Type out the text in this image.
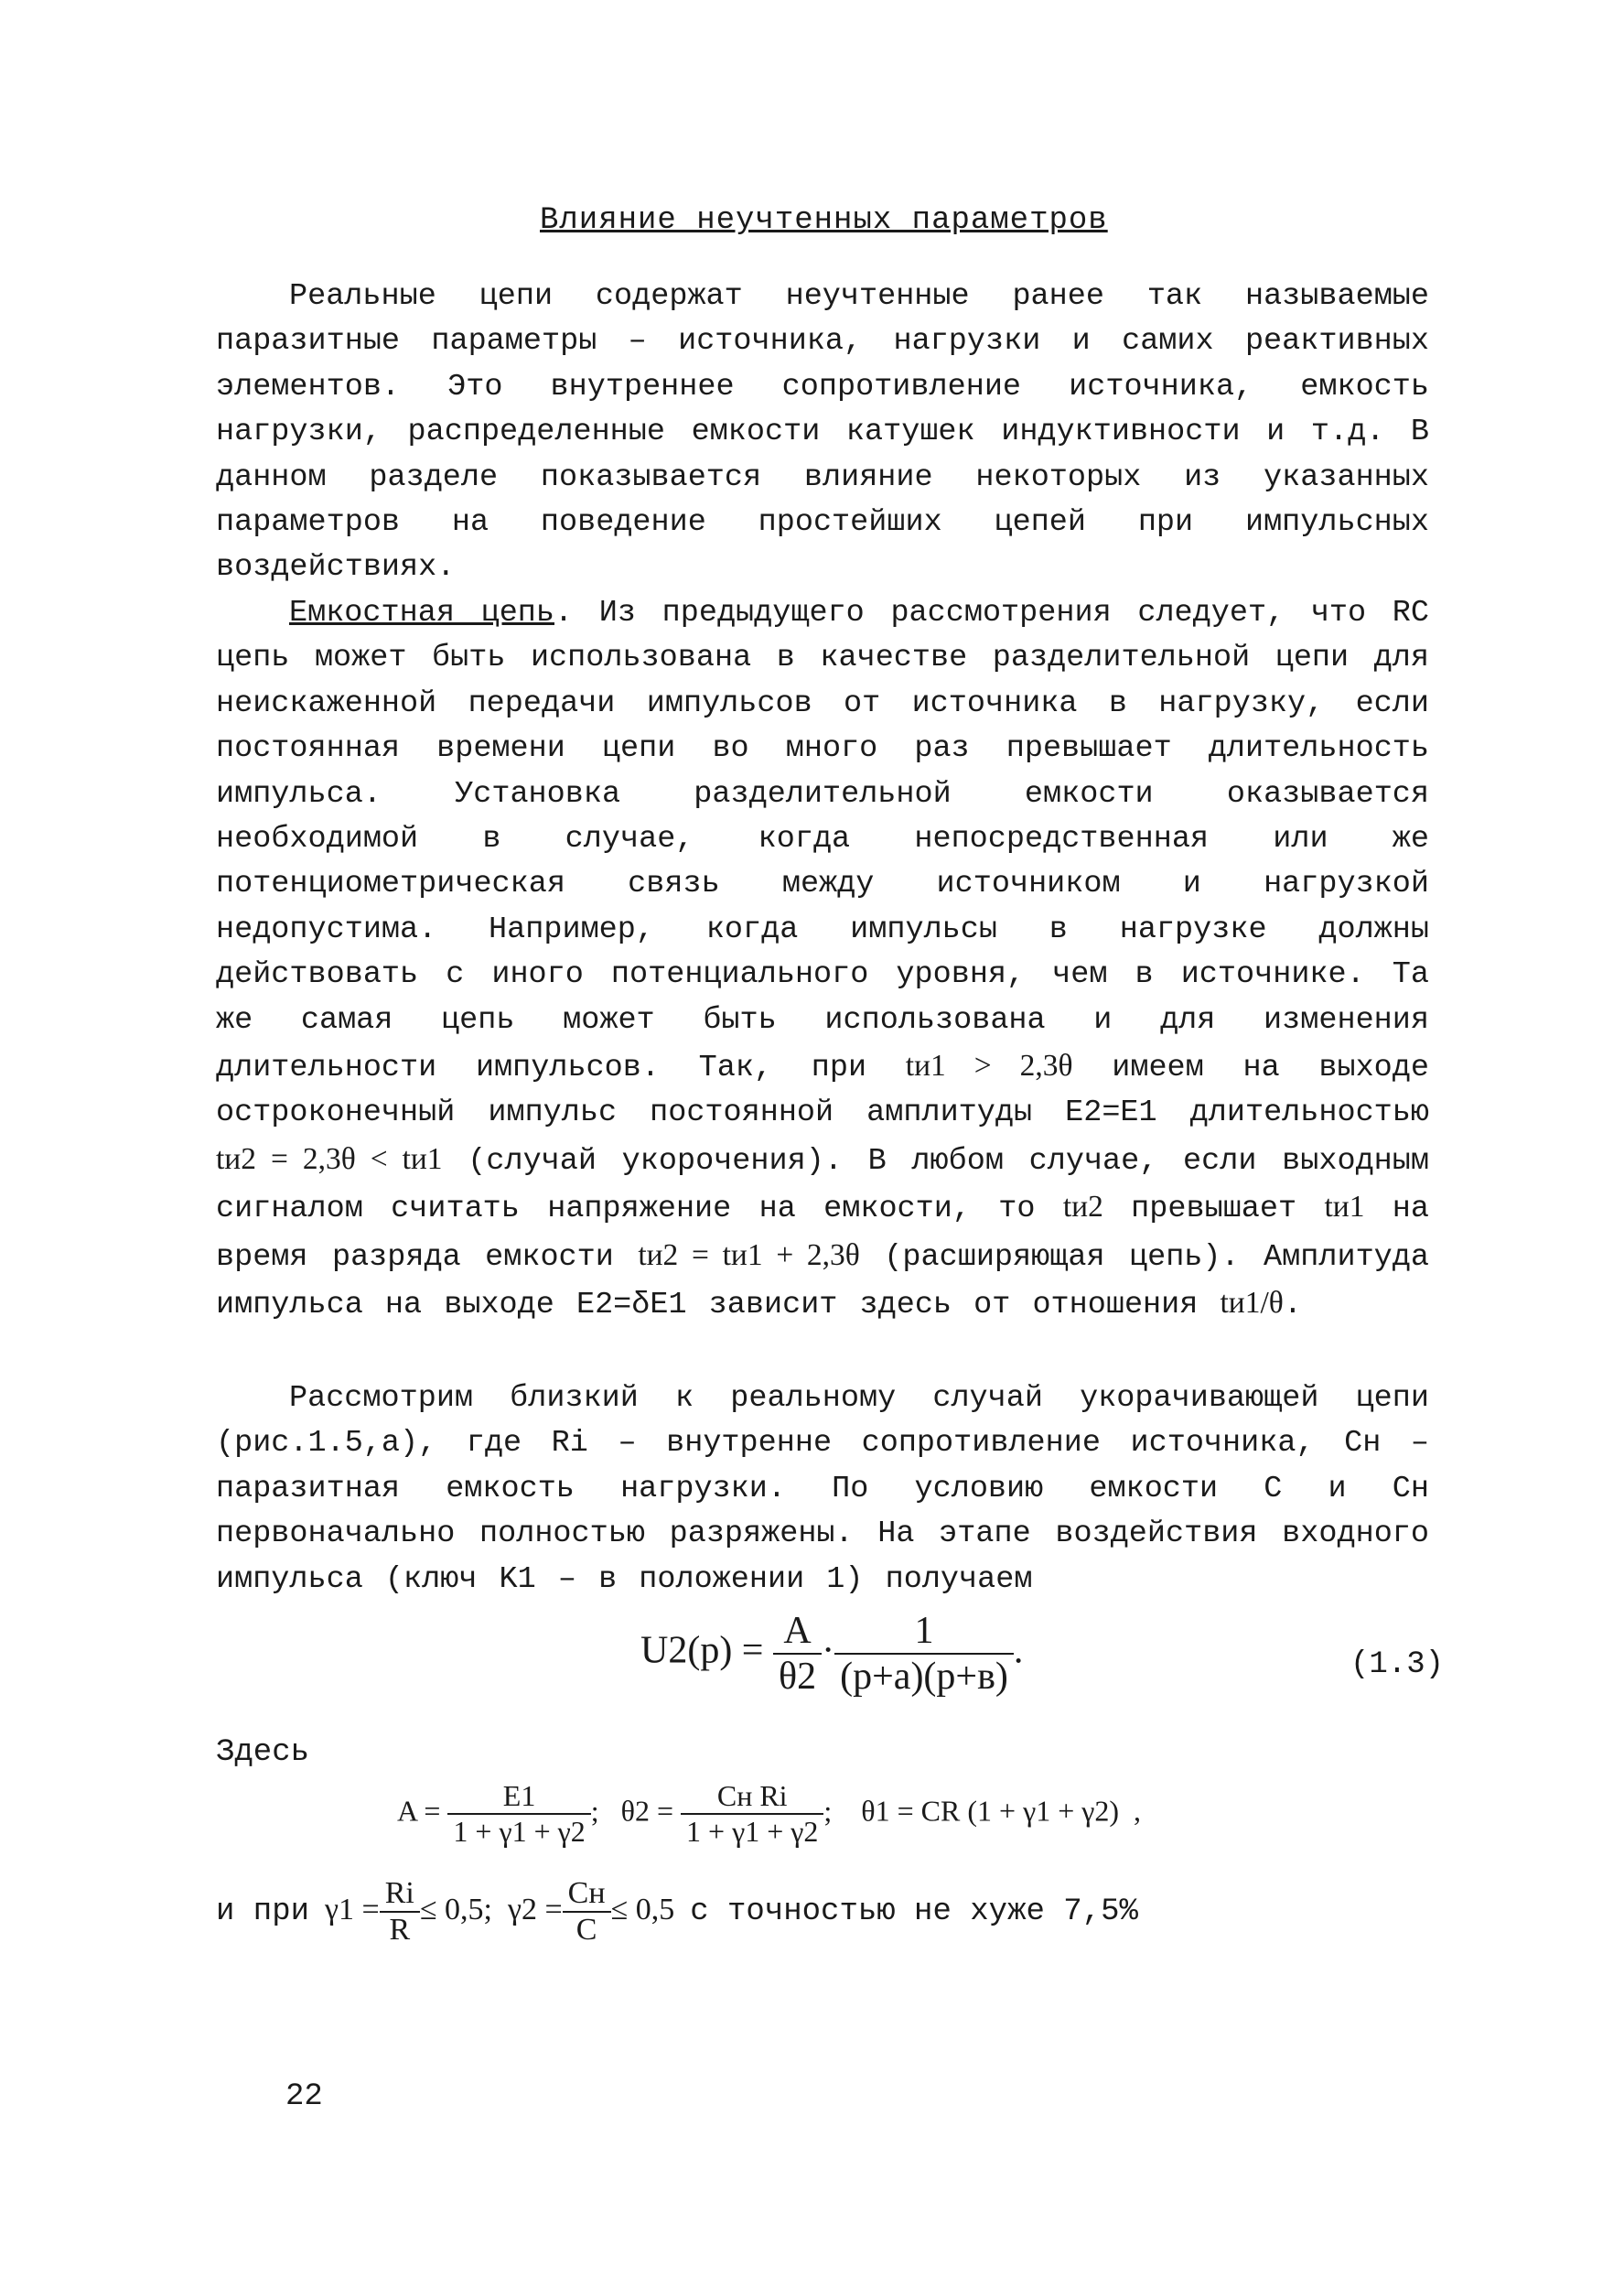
Влияние неучтенных параметров

Реальные цепи содержат неучтенные ранее так называемые паразитные параметры – источника, нагрузки и самих реактивных элементов. Это внутреннее сопротивление источника, емкость нагрузки, распределенные емкости катушек индуктивности и т.д. В данном разделе показывается влияние некоторых из указанных параметров на поведение простейших цепей при импульсных воздействиях.

Емкостная цепь. Из предыдущего рассмотрения следует, что RC цепь может быть использована в качестве разделительной цепи для неискаженной передачи импульсов от источника в нагрузку, если постоянная времени цепи во много раз превышает длительность импульса. Установка разделительной емкости оказывается необходимой в случае, когда непосредственная или же потенциометрическая связь между источником и нагрузкой недопустима. Например, когда импульсы в нагрузке должны действовать с иного потенциального уровня, чем в источнике. Та же самая цепь может быть использована и для изменения длительности импульсов. Так, при tи1 > 2,3θ имеем на выходе остроконечный импульс постоянной амплитуды E2=E1 длительностью tи2 = 2,3θ < tи1 (случай укорочения). В любом случае, если выходным сигналом считать напряжение на емкости, то tи2 превышает tи1 на время разряда емкости tи2 = tи1 + 2,3θ (расширяющая цепь). Амплитуда импульса на выходе E2=δE1 зависит здесь от отношения tи1/θ.

Рассмотрим близкий к реальному случай укорачивающей цепи (рис.1.5,а), где Ri – внутренне сопротивление источника, Cн – паразитная емкость нагрузки. По условию емкости C и Cн первоначально полностью разряжены. На этапе воздействия входного импульса (ключ K1 – в положении 1) получаем

$U2(p) = \frac{A}{\theta 2} \cdot \frac{1}{(p+a)(p+в)}$ .	(1.3)
Здесь
$A = \frac{E1}{1 + \gamma 1 + \gamma 2}$ ; $\theta 2 = \frac{\text{Cн Ri}}{1 + \gamma 1 + \gamma 2}$ ; θ1 = CR (1 + γ1 + γ2) ,
и при $\gamma 1 = \frac{Ri}{R} \le 0,5$; $\gamma 2 = \frac{Cн}{C} \le 0,5$ с точностью не хуже 7,5%
22
